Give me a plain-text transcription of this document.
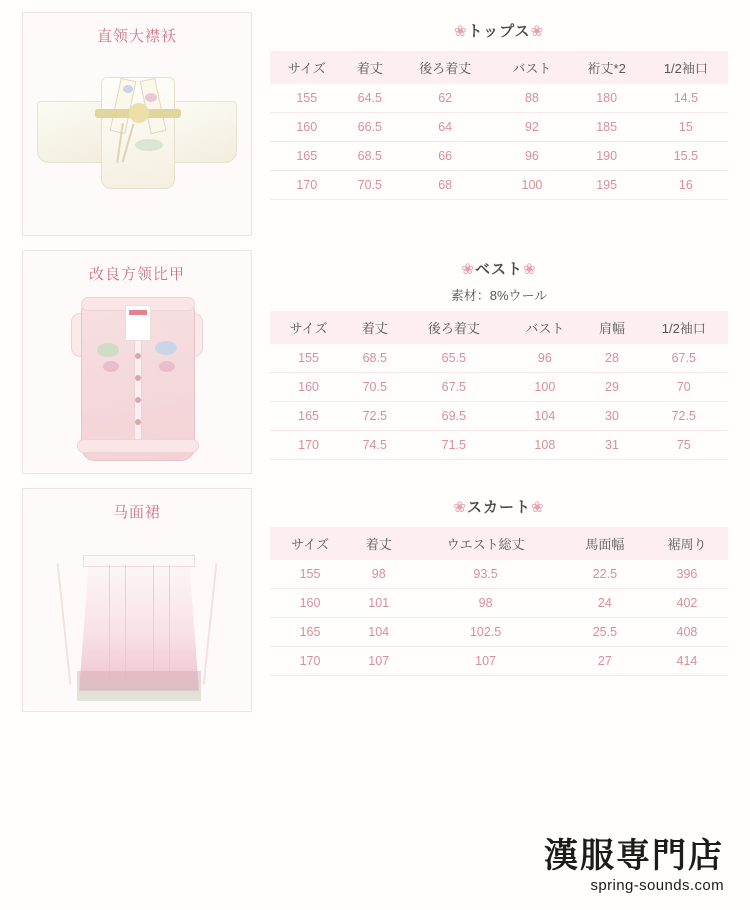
直领大襟袄	❀トップス❀
サイズ	着丈	後ろ着丈	バスト	裄丈*2	1/2袖口
155	64.5	62	88	180	14.5
160	66.5	64	92	185	15
165	68.5	66	96	190	15.5
170	70.5	68	100	195	16
改良方领比甲	❀ベスト❀
素材：8%ウール
サイズ	着丈	後ろ着丈	バスト	肩幅	1/2袖口
155	68.5	65.5	96	28	67.5
160	70.5	67.5	100	29	70
165	72.5	69.5	104	30	72.5
170	74.5	71.5	108	31	75
马面裙	❀スカート❀
サイズ	着丈	ウエスト総丈	馬面幅	裾周り
155	98	93.5	22.5	396
160	101	98	24	402
165	104	102.5	25.5	408
170	107	107	27	414
漢服専門店
spring-sounds.com
